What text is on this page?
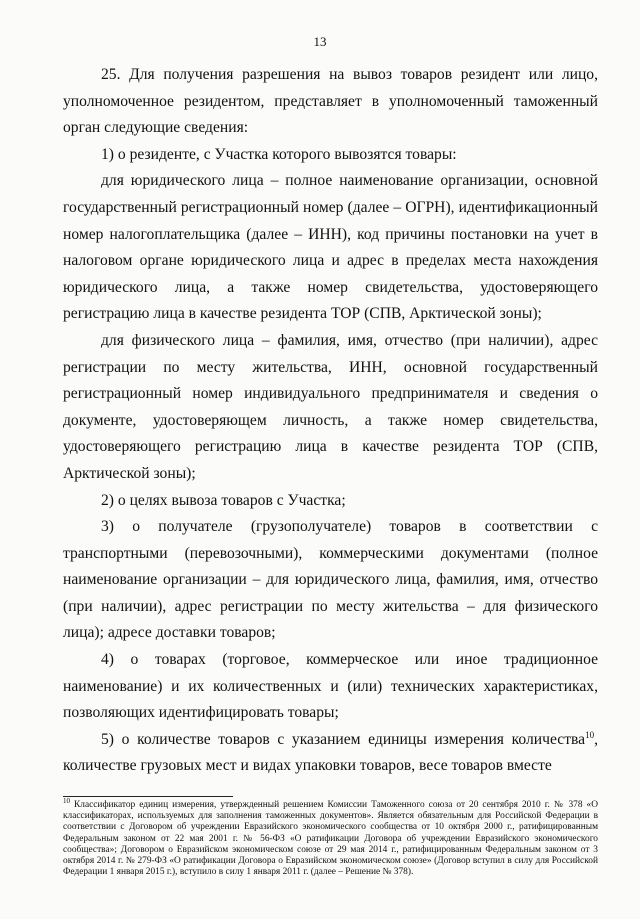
13

25. Для получения разрешения на вывоз товаров резидент или лицо, уполномоченное резидентом, представляет в уполномоченный таможенный орган следующие сведения:

1) о резиденте, с Участка которого вывозятся товары:

для юридического лица – полное наименование организации, основной государственный регистрационный номер (далее – ОГРН), идентификационный номер налогоплательщика (далее – ИНН), код причины постановки на учет в налоговом органе юридического лица и адрес в пределах места нахождения юридического лица, а также номер свидетельства, удостоверяющего регистрацию лица в качестве резидента ТОР (СПВ, Арктической зоны);

для физического лица – фамилия, имя, отчество (при наличии), адрес регистрации по месту жительства, ИНН, основной государственный регистрационный номер индивидуального предпринимателя и сведения о документе, удостоверяющем личность, а также номер свидетельства, удостоверяющего регистрацию лица в качестве резидента ТОР (СПВ, Арктической зоны);

2) о целях вывоза товаров с Участка;

3) о получателе (грузополучателе) товаров в соответствии с транспортными (перевозочными), коммерческими документами (полное наименование организации – для юридического лица, фамилия, имя, отчество (при наличии), адрес регистрации по месту жительства – для физического лица); адресе доставки товаров;

4) о товарах (торговое, коммерческое или иное традиционное наименование) и их количественных и (или) технических характеристиках, позволяющих идентифицировать товары;

5) о количестве товаров с указанием единицы измерения количества$^{10}$, количестве грузовых мест и видах упаковки товаров, весе товаров вместе

$^{10}$ Классификатор единиц измерения, утвержденный решением Комиссии Таможенного союза от 20 сентября 2010 г. № 378 «О классификаторах, используемых для заполнения таможенных документов». Является обязательным для Российской Федерации в соответствии с Договором об учреждении Евразийского экономического сообщества от 10 октября 2000 г., ратифицированным Федеральным законом от 22 мая 2001 г. № 56-ФЗ «О ратификации Договора об учреждении Евразийского экономического сообщества»; Договором о Евразийском экономическом союзе от 29 мая 2014 г., ратифицированным Федеральным законом от 3 октября 2014 г. № 279-ФЗ «О ратификации Договора о Евразийском экономическом союзе» (Договор вступил в силу для Российской Федерации 1 января 2015 г.), вступило в силу 1 января 2011 г. (далее – Решение № 378).
